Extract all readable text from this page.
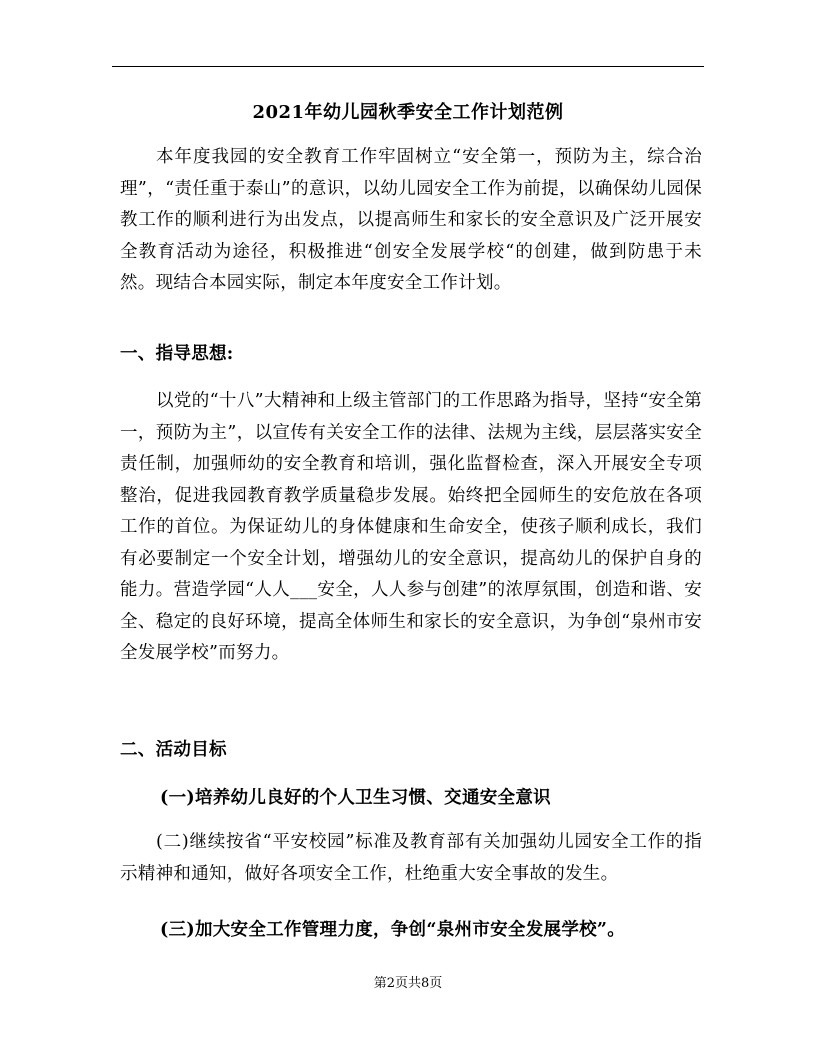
2021年幼儿园秋季安全工作计划范例
本年度我园的安全教育工作牢固树立“安全第一，预防为主，综合治理”，“责任重于泰山”的意识，以幼儿园安全工作为前提，以确保幼儿园保教工作的顺利进行为出发点，以提高师生和家长的安全意识及广泛开展安全教育活动为途径，积极推进“创安全发展学校“的创建，做到防患于未然。现结合本园实际，制定本年度安全工作计划。
一、指导思想:
以党的“十八”大精神和上级主管部门的工作思路为指导，坚持“安全第一，预防为主”，以宣传有关安全工作的法律、法规为主线，层层落实安全责任制，加强师幼的安全教育和培训，强化监督检查，深入开展安全专项整治，促进我园教育教学质量稳步发展。始终把全园师生的安危放在各项工作的首位。为保证幼儿的身体健康和生命安全，使孩子顺利成长，我们有必要制定一个安全计划，增强幼儿的安全意识，提高幼儿的保护自身的能力。营造学园“人人___安全，人人参与创建”的浓厚氛围，创造和谐、安全、稳定的良好环境，提高全体师生和家长的安全意识，为争创“泉州市安全发展学校”而努力。
二、活动目标
(一)培养幼儿良好的个人卫生习惯、交通安全意识
(二)继续按省“平安校园”标准及教育部有关加强幼儿园安全工作的指示精神和通知，做好各项安全工作，杜绝重大安全事故的发生。
(三)加大安全工作管理力度，争创“泉州市安全发展学校”。
第2页共8页
